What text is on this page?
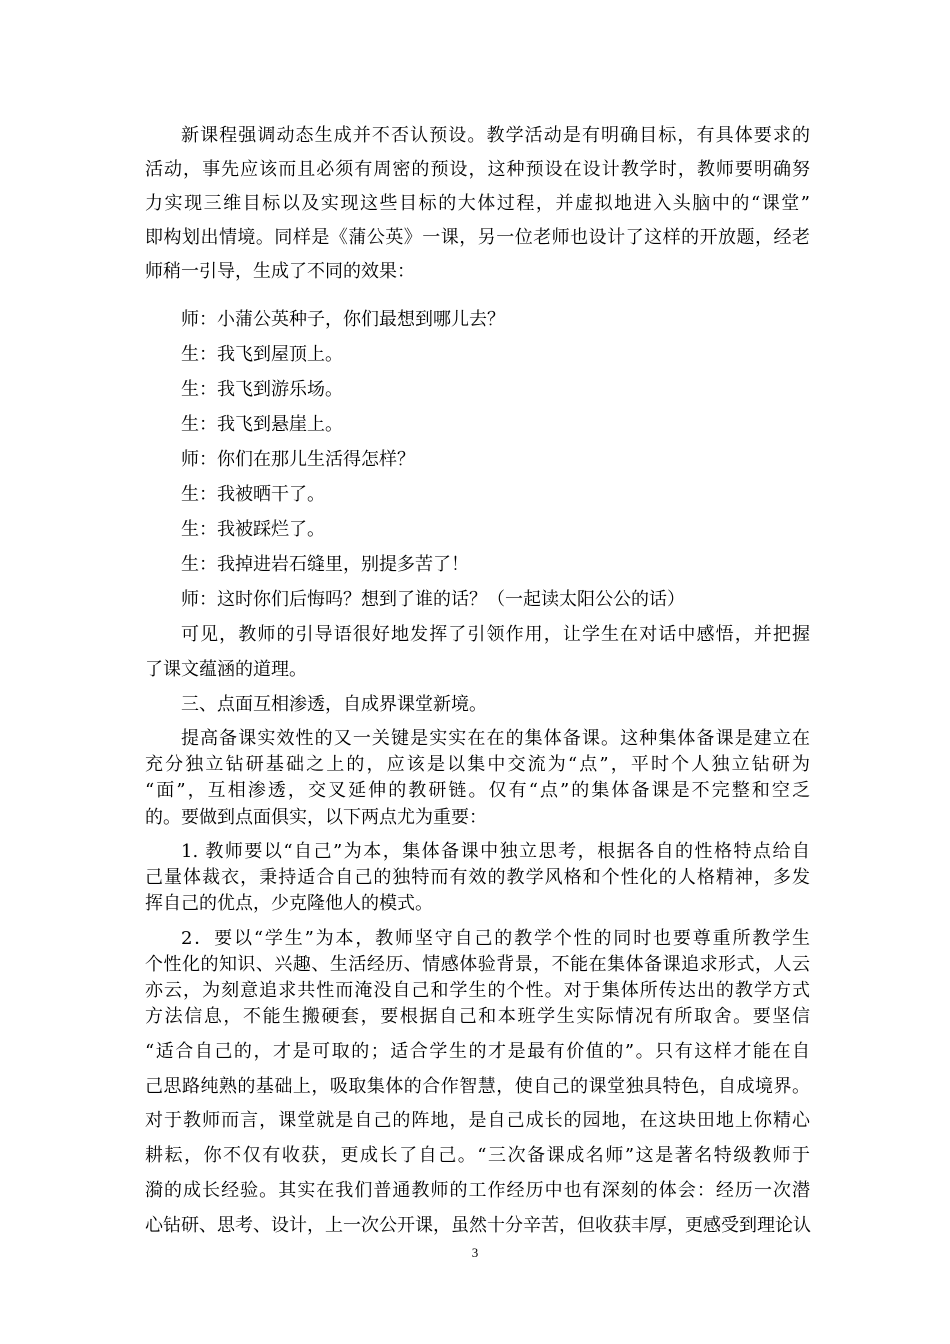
新课程强调动态生成并不否认预设。教学活动是有明确目标，有具体要求的
活动，事先应该而且必须有周密的预设，这种预设在设计教学时，教师要明确努
力实现三维目标以及实现这些目标的大体过程，并虚拟地进入头脑中的“课堂”
即构划出情境。同样是《蒲公英》一课，另一位老师也设计了这样的开放题，经老
师稍一引导，生成了不同的效果：
师：小蒲公英种子，你们最想到哪儿去？
生：我飞到屋顶上。
生：我飞到游乐场。
生：我飞到悬崖上。
师：你们在那儿生活得怎样？
生：我被晒干了。
生：我被踩烂了。
生：我掉进岩石缝里，别提多苦了！
师：这时你们后悔吗？想到了谁的话？（一起读太阳公公的话）
可见，教师的引导语很好地发挥了引领作用，让学生在对话中感悟，并把握
了课文蕴涵的道理。
三、点面互相渗透，自成界课堂新境。
提高备课实效性的又一关键是实实在在的集体备课。这种集体备课是建立在
充分独立钻研基础之上的，应该是以集中交流为“点”，平时个人独立钻研为
“面”，互相渗透，交叉延伸的教研链。仅有“点”的集体备课是不完整和空乏
的。要做到点面俱实，以下两点尤为重要：
1. 教师要以“自己”为本，集体备课中独立思考，根据各自的性格特点给自
己量体裁衣，秉持适合自己的独特而有效的教学风格和个性化的人格精神，多发
挥自己的优点，少克隆他人的模式。
2．要以“学生”为本，教师坚守自己的教学个性的同时也要尊重所教学生
个性化的知识、兴趣、生活经历、情感体验背景，不能在集体备课追求形式，人云
亦云，为刻意追求共性而淹没自己和学生的个性。对于集体所传达出的教学方式
方法信息，不能生搬硬套，要根据自己和本班学生实际情况有所取舍。要坚信
“适合自己的，才是可取的；适合学生的才是最有价值的”。只有这样才能在自
己思路纯熟的基础上，吸取集体的合作智慧，使自己的课堂独具特色，自成境界。
对于教师而言，课堂就是自己的阵地，是自己成长的园地，在这块田地上你精心
耕耘，你不仅有收获，更成长了自己。“三次备课成名师”这是著名特级教师于
漪的成长经验。其实在我们普通教师的工作经历中也有深刻的体会：经历一次潜
心钻研、思考、设计，上一次公开课，虽然十分辛苦，但收获丰厚，更感受到理论认
3
